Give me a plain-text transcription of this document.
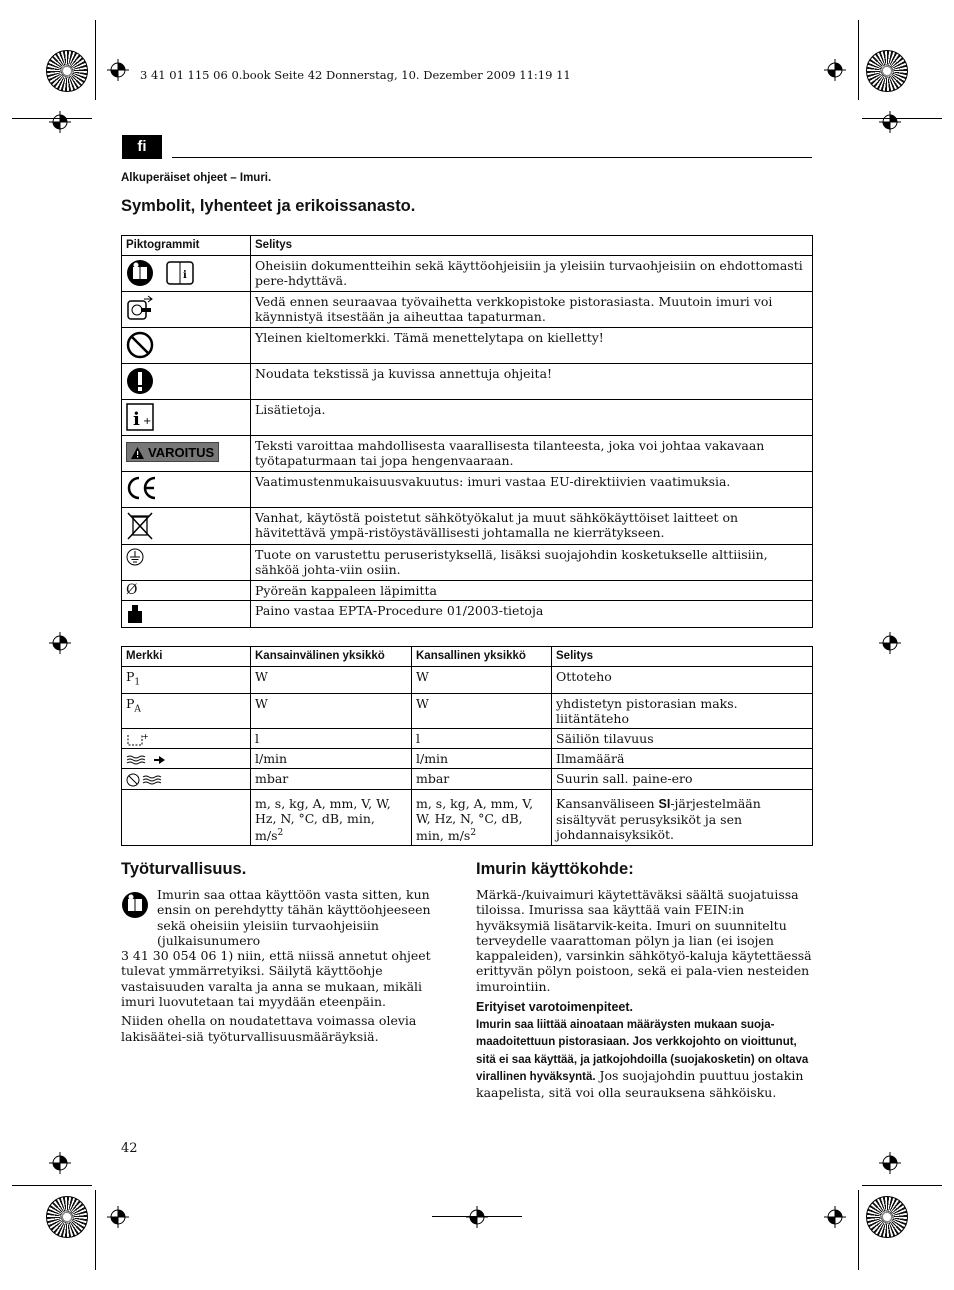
3 41 01 115 06 0.book Seite 42 Donnerstag, 10. Dezember 2009 11:19 11
fi
Alkuperäiset ohjeet – Imuri.
Symbolit, lyhenteet ja erikoissanasto.
Piktogrammit	Selitys

i	Oheisiin dokumentteihin sekä käyttöohjeisiin ja yleisiin turvaohjeisiin on ehdottomasti pere-hdyttävä.
	Vedä ennen seuraavaa työvaihetta verkkopistoke pistorasiasta. Muutoin imuri voi käynnistyä itsestään ja aiheuttaa tapaturman.
	Yleinen kieltomerkki. Tämä menettelytapa on kielletty!
	Noudata tekstissä ja kuvissa annettuja ohjeita!

i +	Lisätietoja.
VAROITUS	Teksti varoittaa mahdollisesta vaarallisesta tilanteesta, joka voi johtaa vakavaan työtapaturmaan tai jopa hengenvaaraan.
	Vaatimustenmukaisuusvakuutus: imuri vastaa EU-direktiivien vaatimuksia.
	Vanhat, käytöstä poistetut sähkötyökalut ja muut sähkökäyttöiset laitteet on hävitettävä ympä-ristöystävällisesti johtamalla ne kierrätykseen.
	Tuote on varustettu peruseristyksellä, lisäksi suojajohdin kosketukselle alttiisiin, sähköä johta-viin osiin.
Ø	Pyöreän kappaleen läpimitta
	Paino vastaa EPTA-Procedure 01/2003-tietoja
Merkki	Kansainvälinen yksikkö	Kansallinen yksikkö	Selitys
$P_1$	W	W	Ottoteho
$P_A$	W	W	yhdistetyn pistorasian maks. liitäntäteho

+	l	l	Säiliön tilavuus
	l/min	l/min	Ilmamäärä
	mbar	mbar	Suurin sall. paine-ero
	m, s, kg, A, mm, V, W, Hz, N, °C, dB, min, $m/s^2$	m, s, kg, A, mm, V, W, Hz, N, °C, dB, min, $m/s^2$	Kansanväliseen SI-järjestelmään sisältyvät perusyksiköt ja sen johdannaisyksiköt.
Työturvallisuus.

Imurin saa ottaa käyttöön vasta sitten, kun ensin on perehdytty tähän käyttöohjeeseen sekä oheisiin yleisiin turvaohjeisiin (julkaisunumero

3 41 30 054 06 1) niin, että niissä annetut ohjeet tulevat ymmärretyiksi. Säilytä käyttöohje vastaisuuden varalta ja anna se mukaan, mikäli imuri luovutetaan tai myydään eteenpäin.

Niiden ohella on noudatettava voimassa olevia lakisäätei-siä työturvallisuusmääräyksiä.

Imurin käyttökohde:

Märkä-/kuivaimuri käytettäväksi säältä suojatuissa tiloissa. Imurissa saa käyttää vain FEIN:in hyväksymiä lisätarvik-keita. Imuri on suunniteltu terveydelle vaarattoman pölyn ja lian (ei isojen kappaleiden), varsinkin sähkötyö-kaluja käytettäessä erittyvän pölyn poistoon, sekä ei pala-vien nesteiden imurointiin.

Erityiset varotoimenpiteet.

Imurin saa liittää ainoataan määräysten mukaan suoja-maadoitettuun pistorasiaan. Jos verkkojohto on vioittunut, sitä ei saa käyttää, ja jatkojohdoilla (suojakosketin) on oltava virallinen hyväksyntä. Jos suojajohdin puuttuu jostakin kaapelista, sitä voi olla seurauksena sähköisku.

42
